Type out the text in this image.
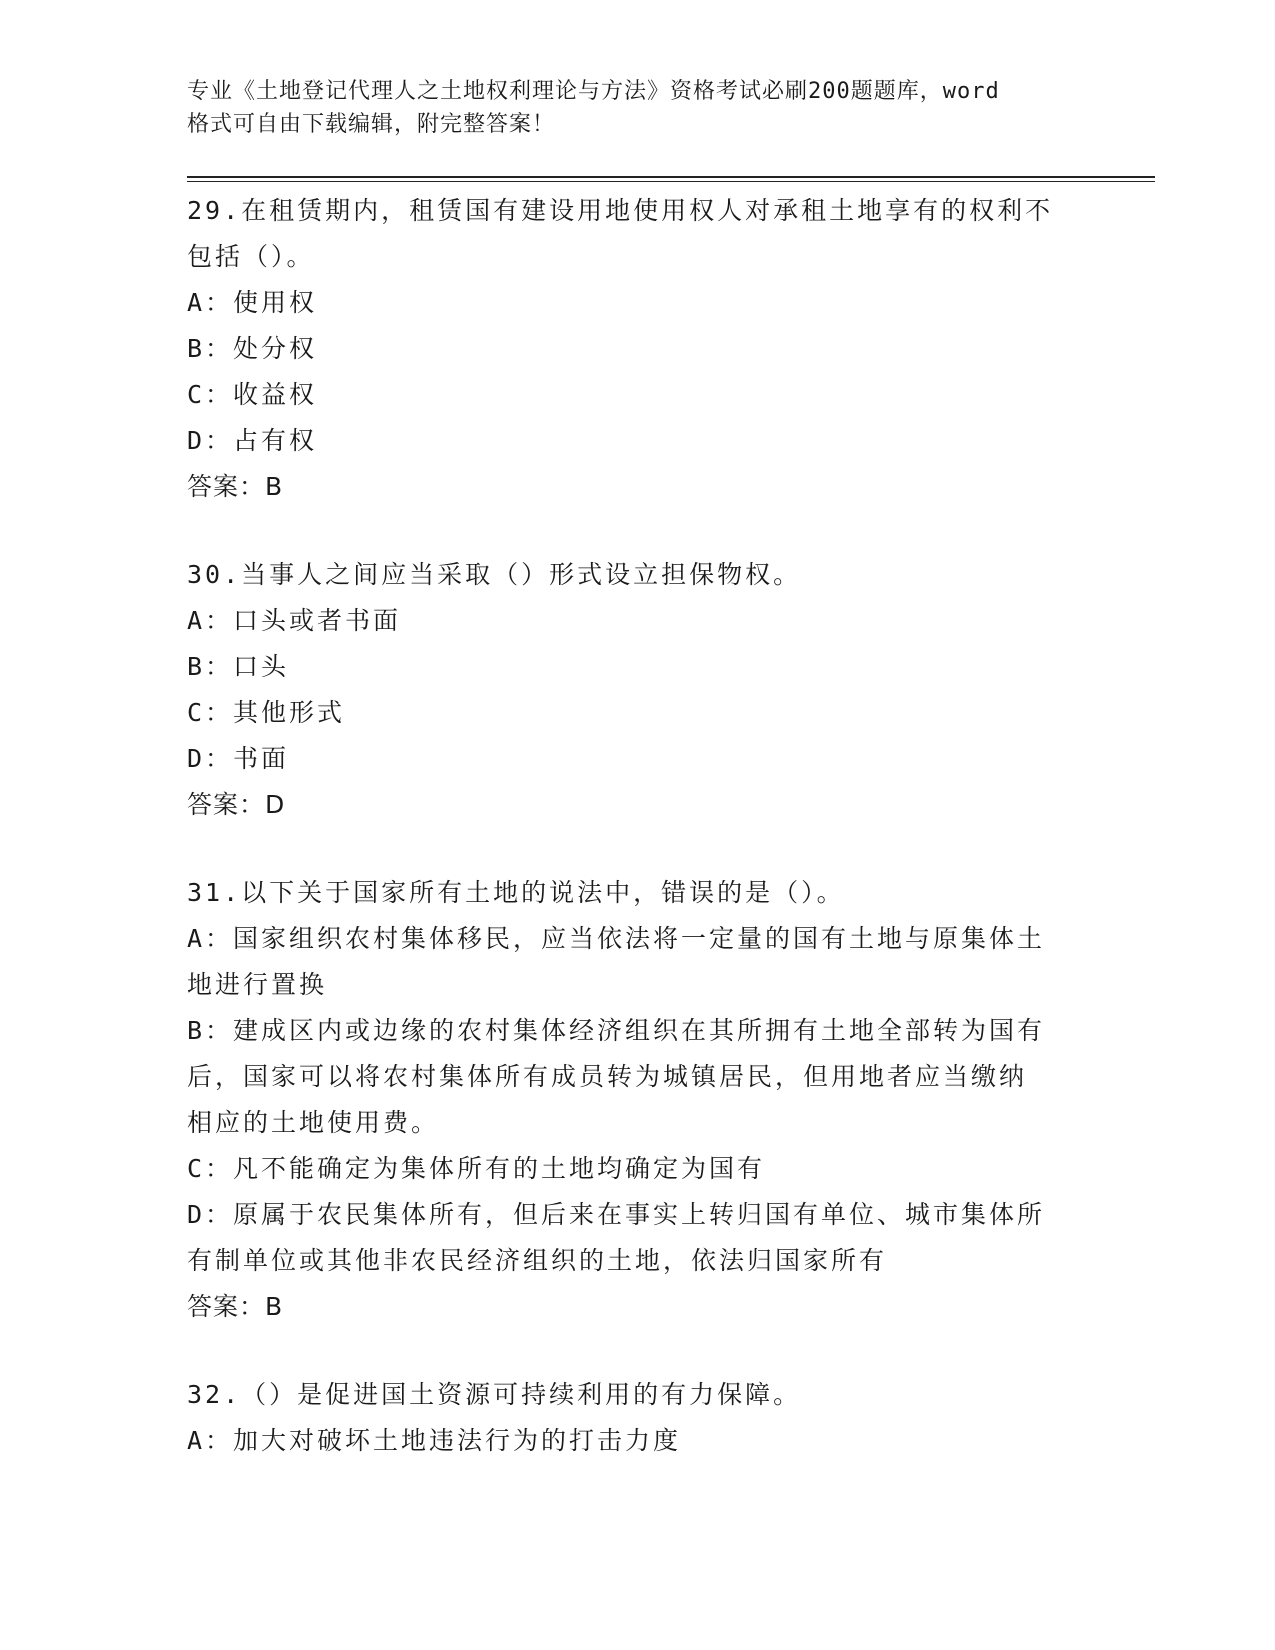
专业《土地登记代理人之土地权利理论与方法》资格考试必刷200题题库，word
格式可自由下载编辑，附完整答案！
29.在租赁期内，租赁国有建设用地使用权人对承租土地享有的权利不
包括（）。
A：使用权
B：处分权
C：收益权
D：占有权
答案：B
30.当事人之间应当采取（）形式设立担保物权。
A：口头或者书面
B：口头
C：其他形式
D：书面
答案：D
31.以下关于国家所有土地的说法中，错误的是（）。
A：国家组织农村集体移民，应当依法将一定量的国有土地与原集体土
地进行置换
B：建成区内或边缘的农村集体经济组织在其所拥有土地全部转为国有
后，国家可以将农村集体所有成员转为城镇居民，但用地者应当缴纳
相应的土地使用费。
C：凡不能确定为集体所有的土地均确定为国有
D：原属于农民集体所有，但后来在事实上转归国有单位、城市集体所
有制单位或其他非农民经济组织的土地，依法归国家所有
答案：B
32.（）是促进国土资源可持续利用的有力保障。
A：加大对破坏土地违法行为的打击力度
